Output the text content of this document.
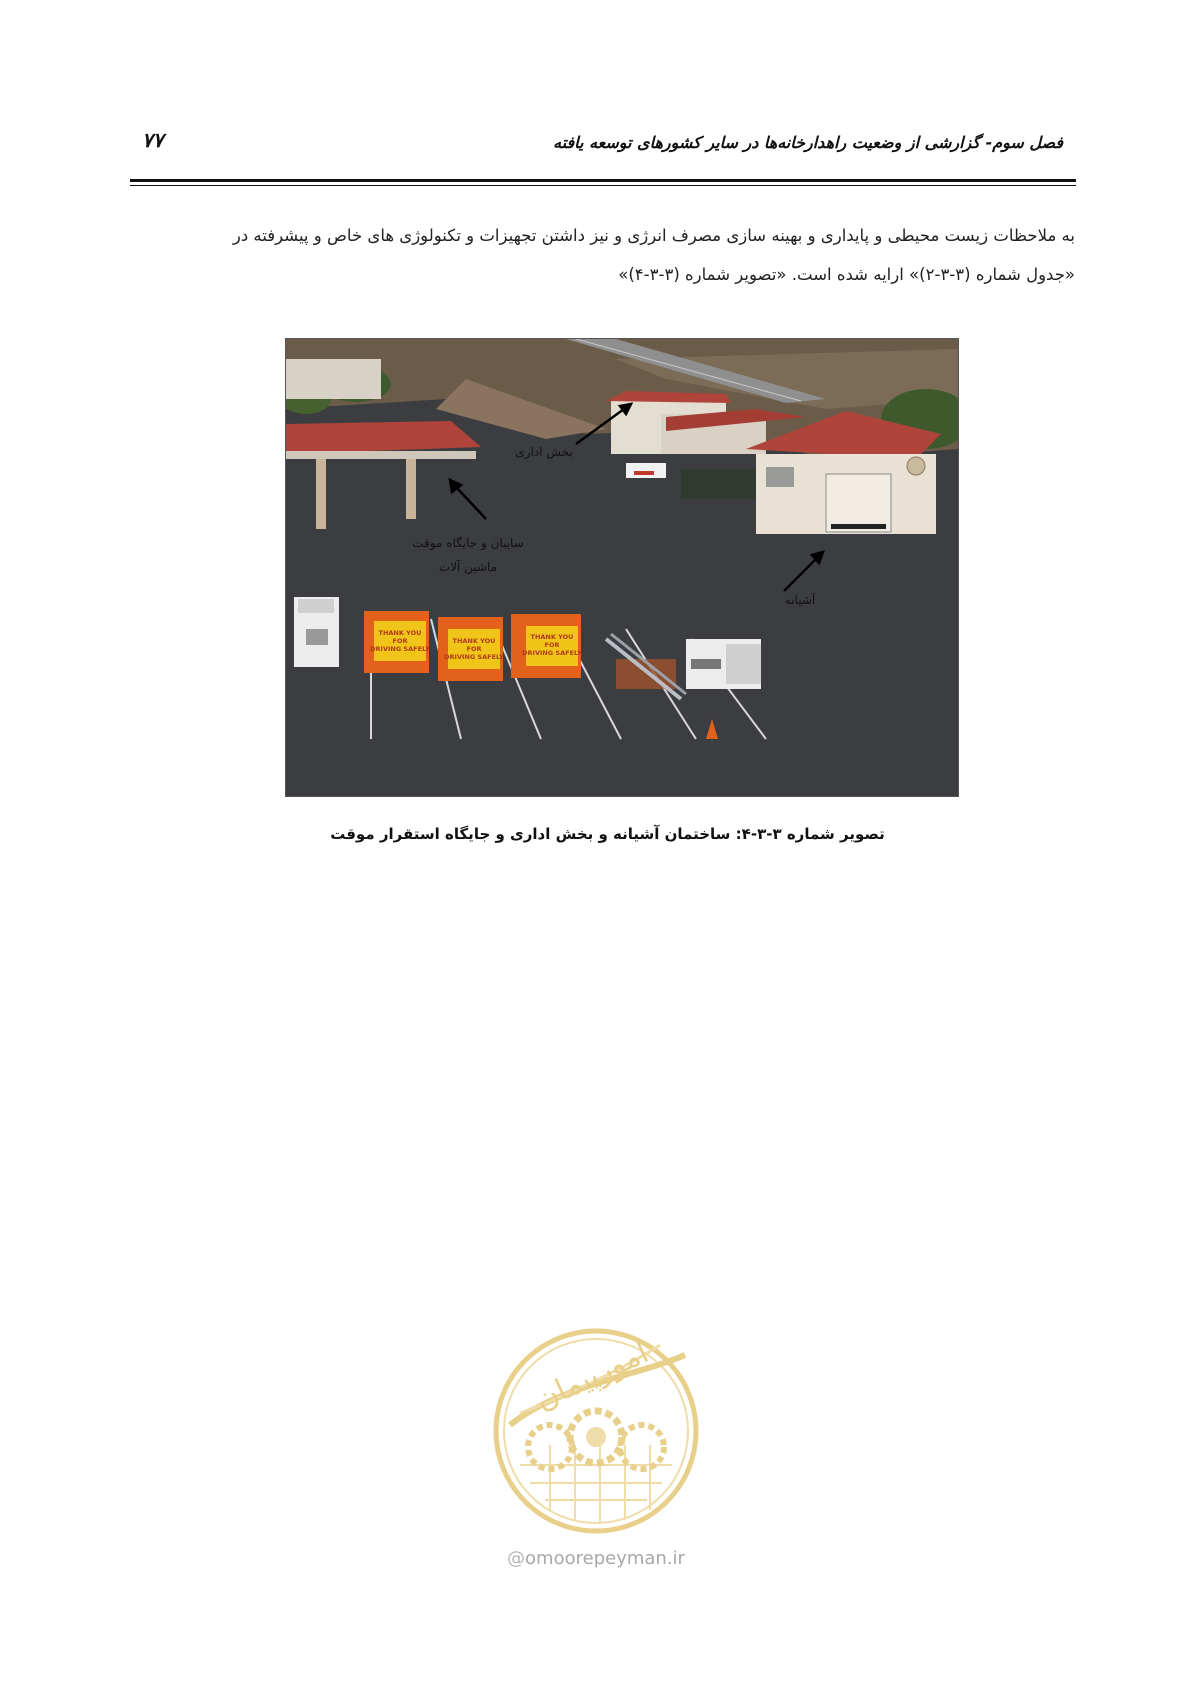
۷۷	فصل سوم- گزارشی از وضعیت راهدارخانه‌ها در سایر کشورهای توسعه یافته

به ملاحظات زیست محیطی و پایداری و بهینه سازی مصرف انرژی و نیز داشتن تجهیزات و تکنولوژی های خاص و پیشرفته در

«جدول شماره (۳-۳-۲)» ارایه شده است. «تصویر شماره (۳-۳-۴)»

THANK YOU
FOR
DRIVING SAFELY
THANK YOU
FOR
DRIVING SAFELY
THANK YOU
FOR
DRIVING SAFELY
بخش اداری
سایبان و جایگاه موقت
ماشین آلات
آشیانه
تصویر شماره ۳-۳-۴: ساختمان آشیانه و بخش اداری و جایگاه استقرار موقت
امورپیمان
@omoorepeyman.ir
